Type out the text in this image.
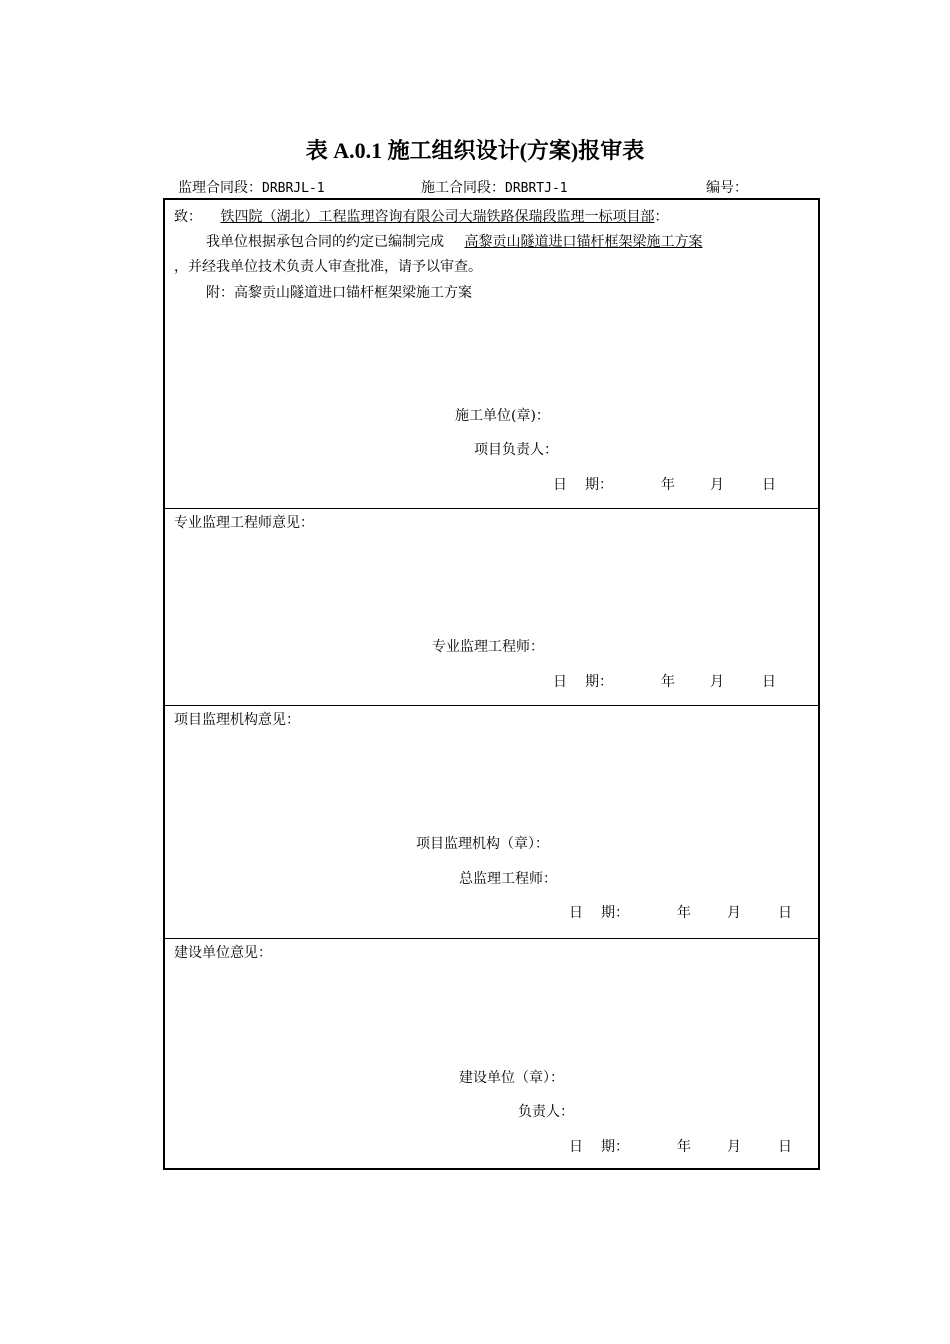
表 A.0.1 施工组织设计(方案)报审表
监理合同段：DRBRJL-1	施工合同段：DRBRTJ-1	编号：
致： 铁四院（湖北）工程监理咨询有限公司大瑞铁路保瑞段监理一标项目部：
我单位根据承包合同的约定已编制完成 高黎贡山隧道进口锚杆框架梁施工方案
，并经我单位技术负责人审查批准，请予以审查。
附：高黎贡山隧道进口锚杆框架梁施工方案
施工单位(章)：
项目负责人：
日 期：	年	月	日
专业监理工程师意见：
专业监理工程师：
日 期：	年	月	日
项目监理机构意见：
项目监理机构（章）：
总监理工程师：
日 期：	年	月	日
建设单位意见：
建设单位（章）：
负责人：
日 期：	年	月	日
